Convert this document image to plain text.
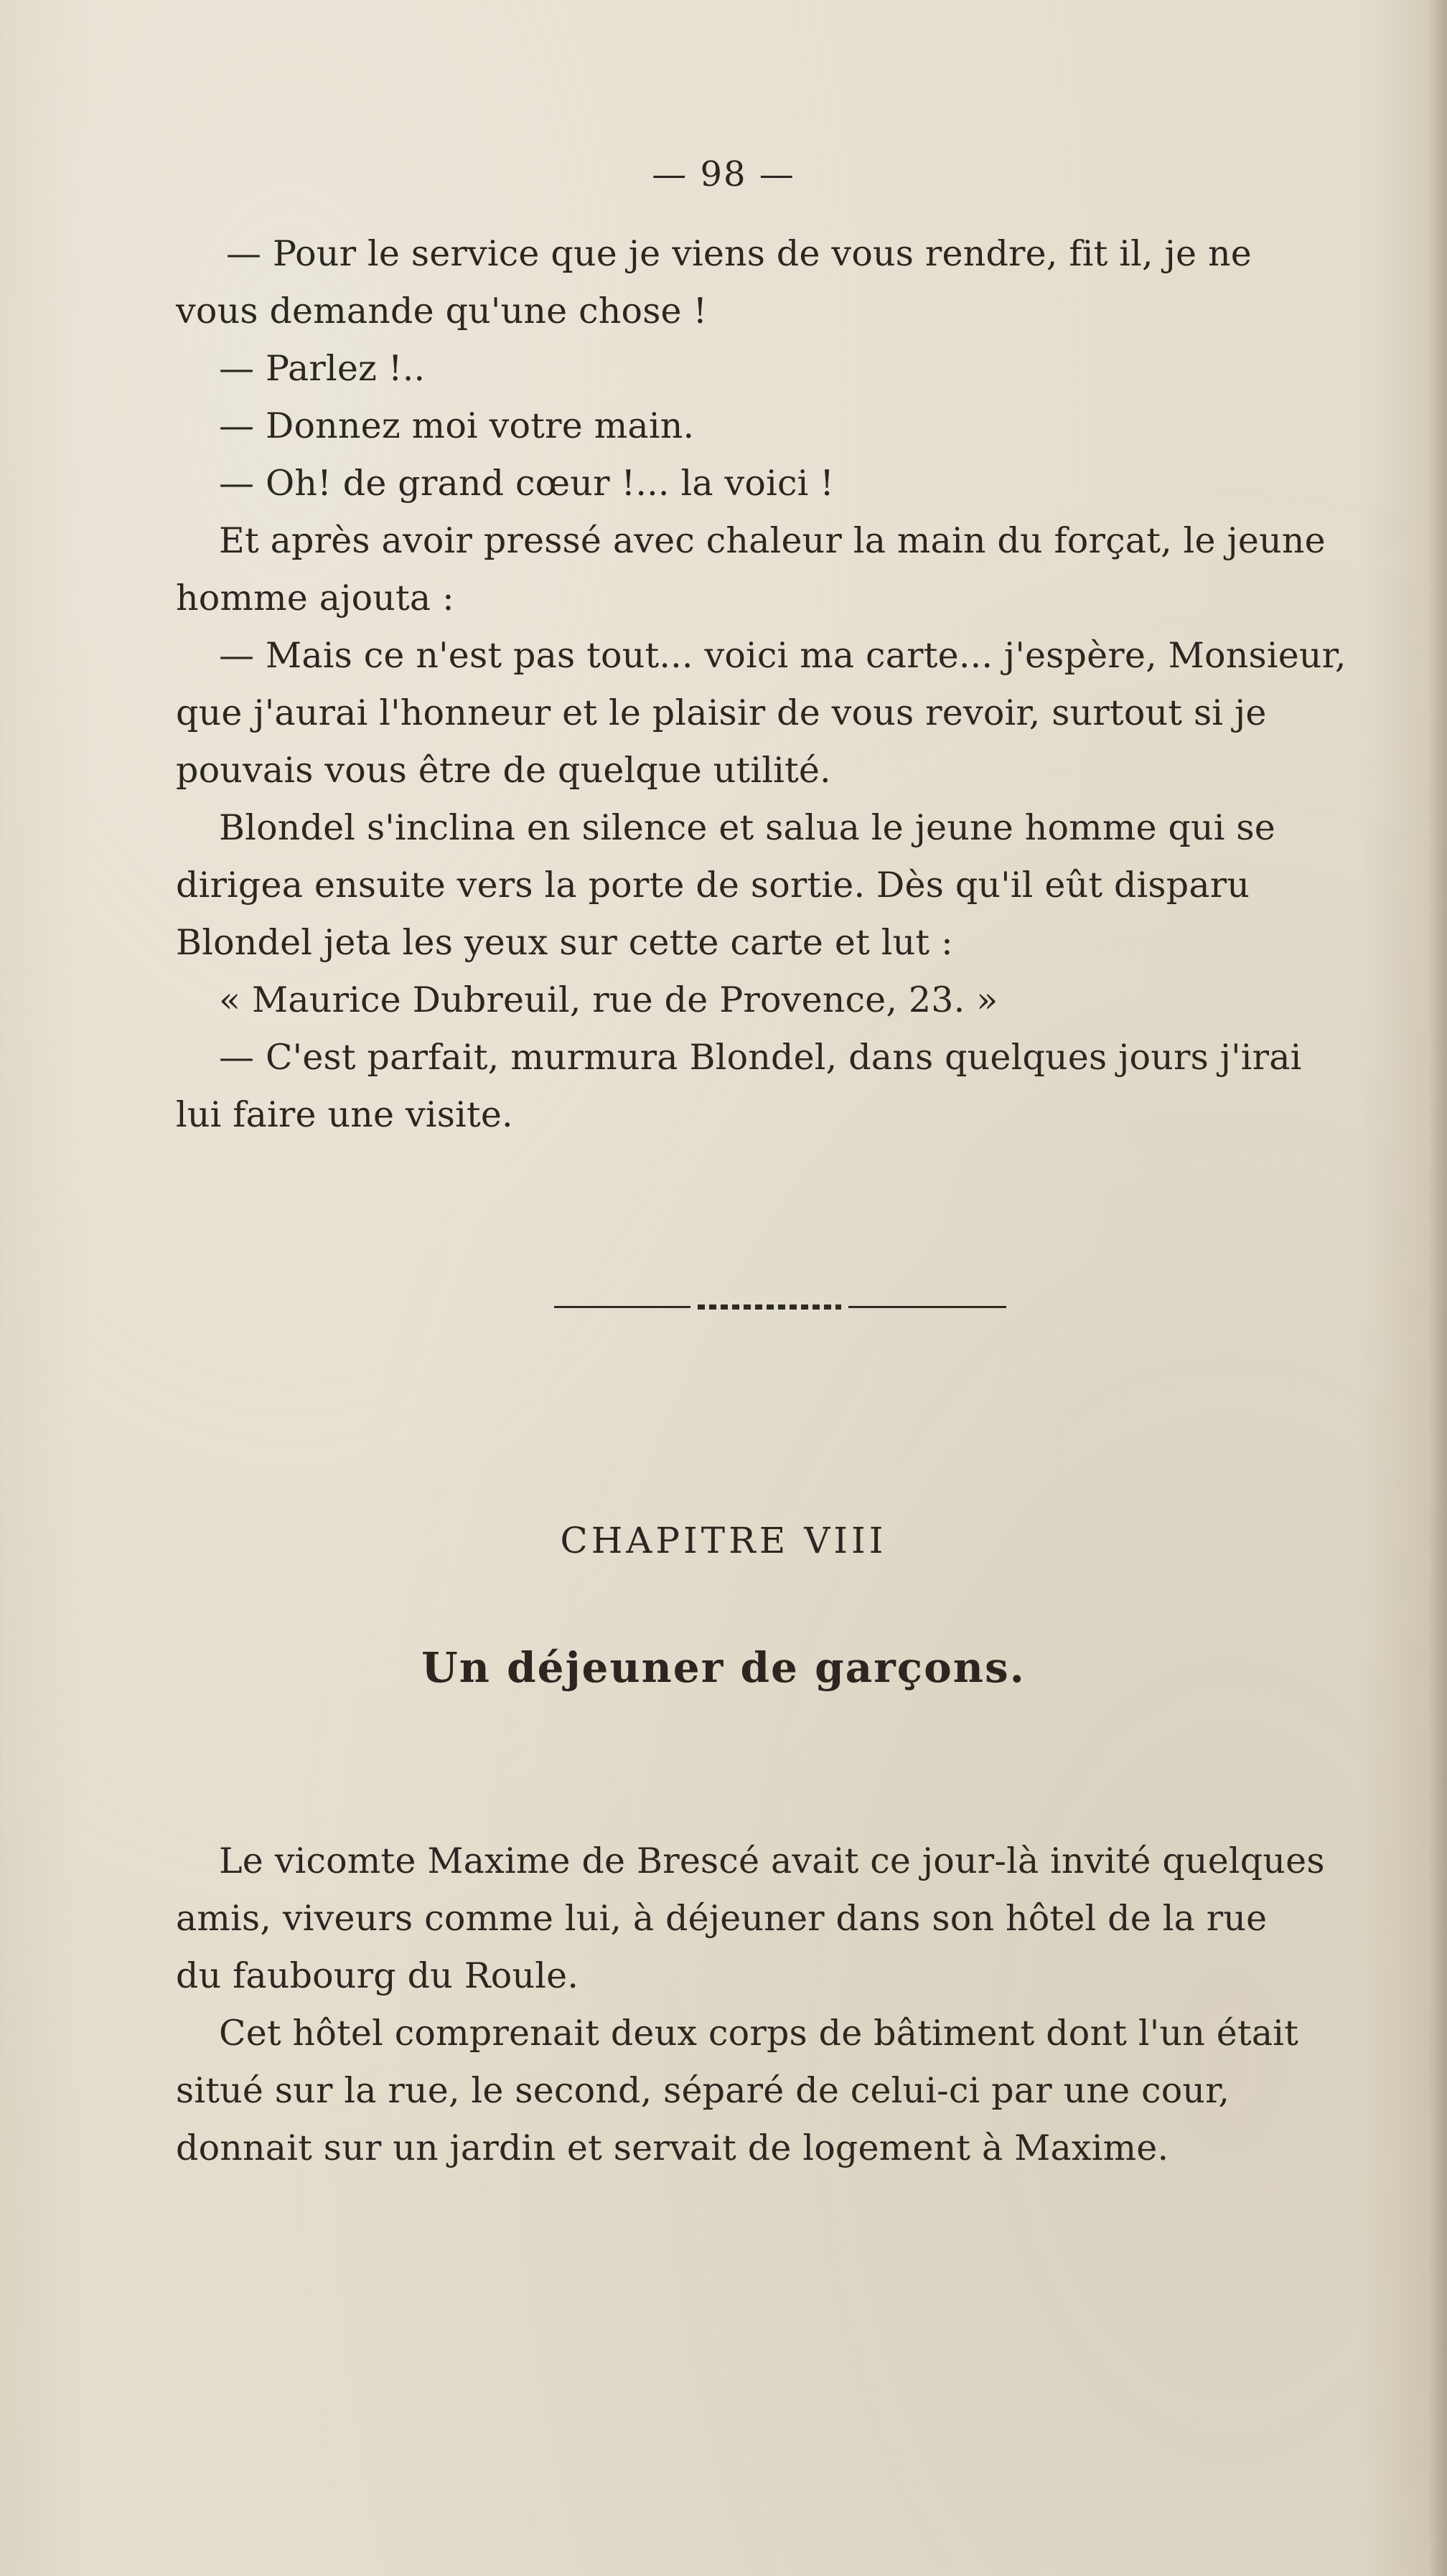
— 98 —
— Pour le service que je viens de vous rendre, fit il, je ne
vous demande qu'une chose !
— Parlez !..
— Donnez moi votre main.
— Oh! de grand cœur !... la voici !
Et après avoir pressé avec chaleur la main du forçat, le jeune
homme ajouta :
— Mais ce n'est pas tout... voici ma carte... j'espère, Monsieur,
que j'aurai l'honneur et le plaisir de vous revoir, surtout si je
pouvais vous être de quelque utilité.
Blondel s'inclina en silence et salua le jeune homme qui se
dirigea ensuite vers la porte de sortie. Dès qu'il eût disparu
Blondel jeta les yeux sur cette carte et lut :
« Maurice Dubreuil, rue de Provence, 23. »
— C'est parfait, murmura Blondel, dans quelques jours j'irai
lui faire une visite.
CHAPITRE VIII
Un déjeuner de garçons.
Le vicomte Maxime de Brescé avait ce jour-là invité quelques
amis, viveurs comme lui, à déjeuner dans son hôtel de la rue
du faubourg du Roule.
Cet hôtel comprenait deux corps de bâtiment dont l'un était
situé sur la rue, le second, séparé de celui-ci par une cour,
donnait sur un jardin et servait de logement à Maxime.
